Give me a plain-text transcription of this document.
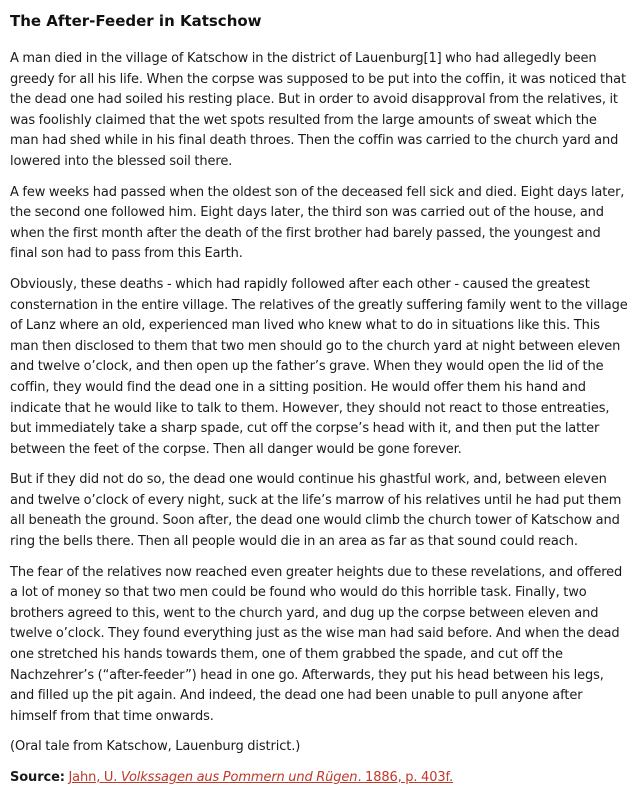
The After-Feeder in Katschow

A man died in the village of Katschow in the district of Lauenburg[1] who had allegedly been greedy for all his life. When the corpse was supposed to be put into the coffin, it was noticed that the dead one had soiled his resting place. But in order to avoid disapproval from the relatives, it was foolishly claimed that the wet spots resulted from the large amounts of sweat which the man had shed while in his final death throes. Then the coffin was carried to the church yard and lowered into the blessed soil there.

A few weeks had passed when the oldest son of the deceased fell sick and died. Eight days later, the second one followed him. Eight days later, the third son was carried out of the house, and when the first month after the death of the first brother had barely passed, the youngest and final son had to pass from this Earth.

Obviously, these deaths - which had rapidly followed after each other - caused the greatest consternation in the entire village. The relatives of the greatly suffering family went to the village of Lanz where an old, experienced man lived who knew what to do in situations like this. This man then disclosed to them that two men should go to the church yard at night between eleven and twelve o’clock, and then open up the father’s grave. When they would open the lid of the coffin, they would find the dead one in a sitting position. He would offer them his hand and indicate that he would like to talk to them. However, they should not react to those entreaties, but immediately take a sharp spade, cut off the corpse’s head with it, and then put the latter between the feet of the corpse. Then all danger would be gone forever.

But if they did not do so, the dead one would continue his ghastful work, and, between eleven and twelve o’clock of every night, suck at the life’s marrow of his relatives until he had put them all beneath the ground. Soon after, the dead one would climb the church tower of Katschow and ring the bells there. Then all people would die in an area as far as that sound could reach.

The fear of the relatives now reached even greater heights due to these revelations, and offered a lot of money so that two men could be found who would do this horrible task. Finally, two brothers agreed to this, went to the church yard, and dug up the corpse between eleven and twelve o’clock. They found everything just as the wise man had said before. And when the dead one stretched his hands towards them, one of them grabbed the spade, and cut off the Nachzehrer’s (“after-feeder”) head in one go. Afterwards, they put his head between his legs, and filled up the pit again. And indeed, the dead one had been unable to pull anyone after himself from that time onwards.

(Oral tale from Katschow, Lauenburg district.)

Source: Jahn, U. Volkssagen aus Pommern und Rügen. 1886, p. 403f.
